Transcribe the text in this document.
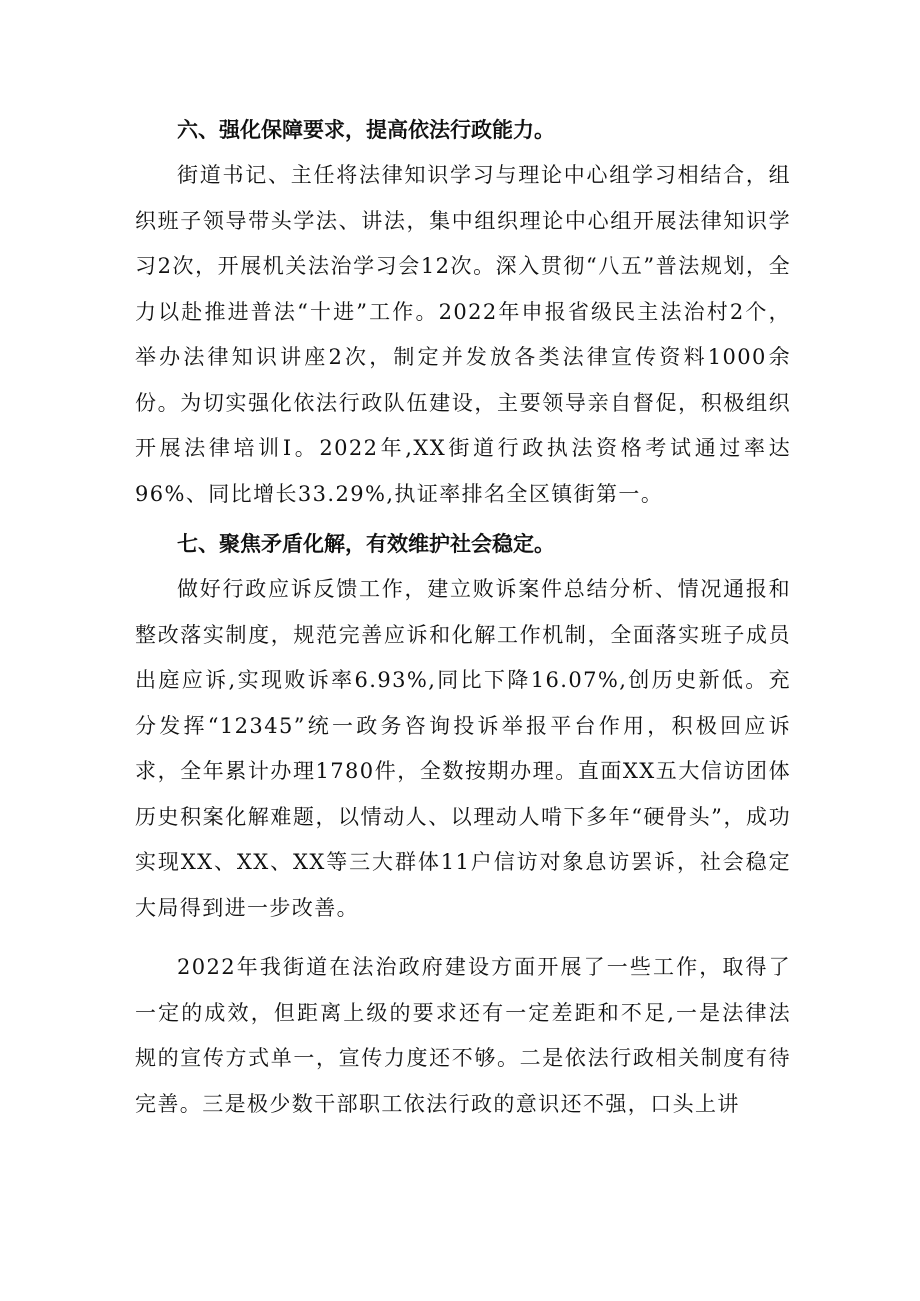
六、强化保障要求，提高依法行政能力。

街道书记、主任将法律知识学习与理论中心组学习相结合，组织班子领导带头学法、讲法，集中组织理论中心组开展法律知识学习2次，开展机关法治学习会12次。深入贯彻“八五”普法规划，全力以赴推进普法“十进”工作。2022年申报省级民主法治村2个，举办法律知识讲座2次，制定并发放各类法律宣传资料1000余份。为切实强化依法行政队伍建设，主要领导亲自督促，积极组织开展法律培训I。2022年,XX街道行政执法资格考试通过率达96%、同比增长33.29%,执证率排名全区镇街第一。

七、聚焦矛盾化解，有效维护社会稳定。

做好行政应诉反馈工作，建立败诉案件总结分析、情况通报和整改落实制度，规范完善应诉和化解工作机制，全面落实班子成员出庭应诉,实现败诉率6.93%,同比下降16.07%,创历史新低。充分发挥“12345”统一政务咨询投诉举报平台作用，积极回应诉求，全年累计办理1780件，全数按期办理。直面XX五大信访团体历史积案化解难题，以情动人、以理动人啃下多年“硬骨头”，成功实现XX、XX、XX等三大群体11户信访对象息访罢诉，社会稳定大局得到进一步改善。

2022年我街道在法治政府建设方面开展了一些工作，取得了一定的成效，但距离上级的要求还有一定差距和不足,一是法律法规的宣传方式单一，宣传力度还不够。二是依法行政相关制度有待完善。三是极少数干部职工依法行政的意识还不强，口头上讲
